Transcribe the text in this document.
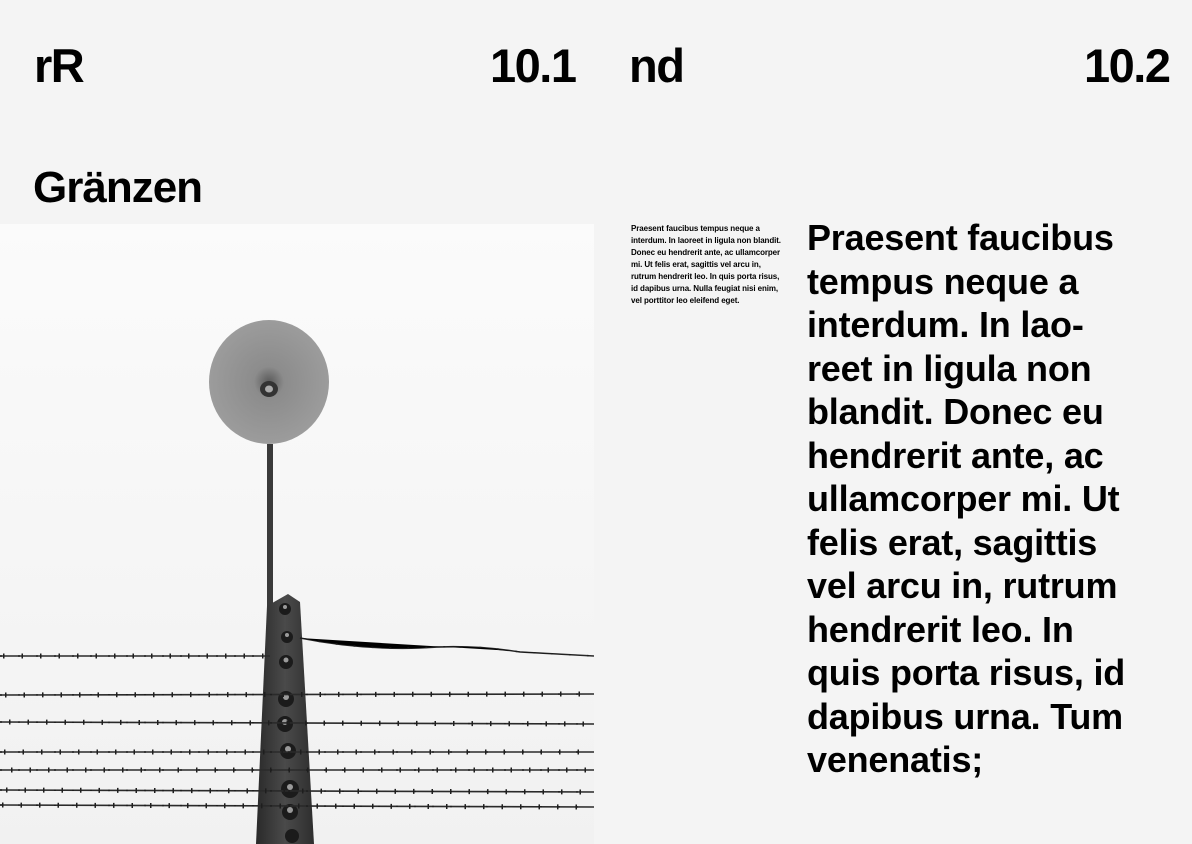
rR	10.1 nd	10.2
Gränzen
Praesent faucibus tempus neque a interdum. In laoreet in ligula non blandit. Donec eu hendrerit ante, ac ullamcorper mi. Ut felis erat, sagittis vel arcu in, rutrum hendrerit leo. In quis porta risus, id dapibus urna. Nulla feugiat nisi enim, vel porttitor leo eleifend eget.
Praesent faucibus
tempus neque a
interdum. In lao-
reet in ligula non
blandit. Donec eu
hendrerit ante, ac
ullamcorper mi. Ut
felis erat, sagittis
vel arcu in, rutrum
hendrerit leo. In
quis porta risus, id
dapibus urna. Tum
venenatis;
